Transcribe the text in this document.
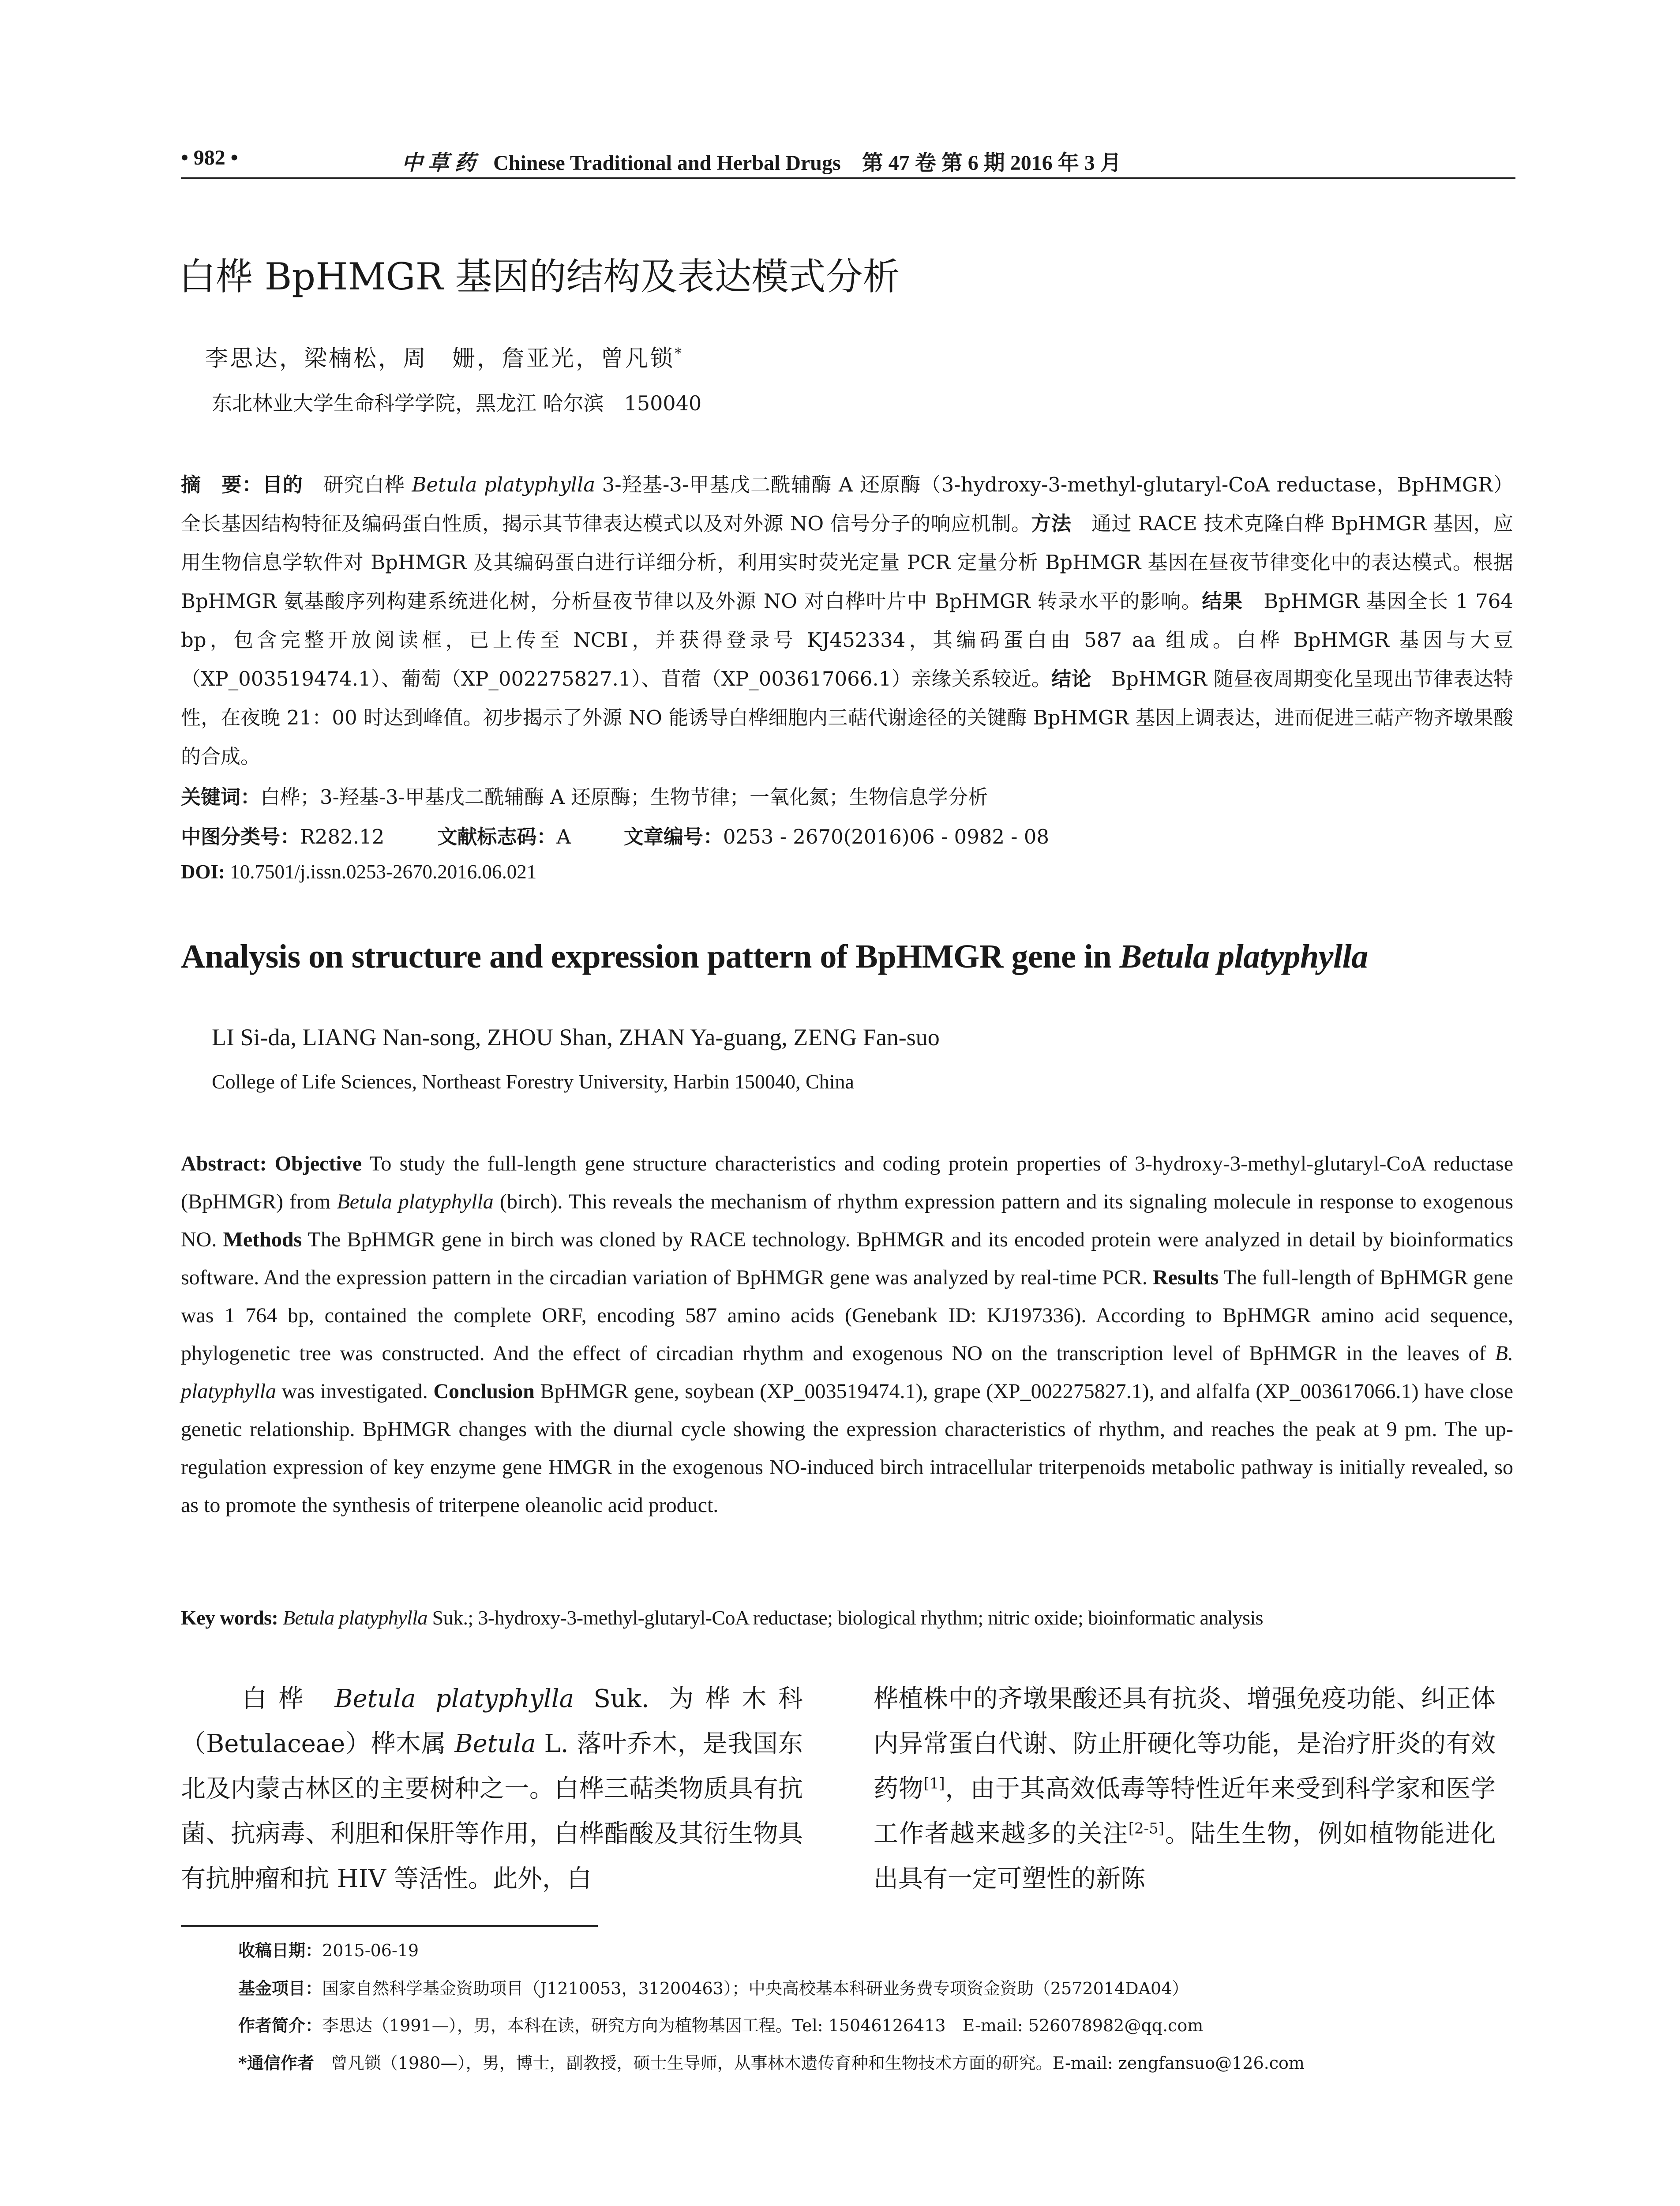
• 982 •	中 草 药 Chinese Traditional and Herbal Drugs　 第 47 卷 第 6 期 2016 年 3 月
白桦 BpHMGR 基因的结构及表达模式分析
李思达，梁楠松，周　姗，詹亚光，曾凡锁*
东北林业大学生命科学学院，黑龙江 哈尔滨　150040
摘　要：目的　研究白桦 Betula platyphylla 3-羟基-3-甲基戊二酰辅酶 A 还原酶（3-hydroxy-3-methyl-glutaryl-CoA reductase，BpHMGR）全长基因结构特征及编码蛋白性质，揭示其节律表达模式以及对外源 NO 信号分子的响应机制。方法　通过 RACE 技术克隆白桦 BpHMGR 基因，应用生物信息学软件对 BpHMGR 及其编码蛋白进行详细分析，利用实时荧光定量 PCR 定量分析 BpHMGR 基因在昼夜节律变化中的表达模式。根据 BpHMGR 氨基酸序列构建系统进化树，分析昼夜节律以及外源 NO 对白桦叶片中 BpHMGR 转录水平的影响。结果　BpHMGR 基因全长 1 764 bp，包含完整开放阅读框，已上传至 NCBI，并获得登录号 KJ452334，其编码蛋白由 587 aa 组成。白桦 BpHMGR 基因与大豆（XP_003519474.1）、葡萄（XP_002275827.1）、苜蓿（XP_003617066.1）亲缘关系较近。结论　BpHMGR 随昼夜周期变化呈现出节律表达特性，在夜晚 21：00 时达到峰值。初步揭示了外源 NO 能诱导白桦细胞内三萜代谢途径的关键酶 BpHMGR 基因上调表达，进而促进三萜产物齐墩果酸的合成。
关键词：白桦；3-羟基-3-甲基戊二酰辅酶 A 还原酶；生物节律；一氧化氮；生物信息学分析
中图分类号：R282.12	文献标志码：A	文章编号：0253 - 2670(2016)06 - 0982 - 08
DOI: 10.7501/j.issn.0253-2670.2016.06.021
Analysis on structure and expression pattern of BpHMGR gene in Betula platyphylla
LI Si-da, LIANG Nan-song, ZHOU Shan, ZHAN Ya-guang, ZENG Fan-suo
College of Life Sciences, Northeast Forestry University, Harbin 150040, China
Abstract: Objective To study the full-length gene structure characteristics and coding protein properties of 3-hydroxy-3-methyl-glutaryl-CoA reductase (BpHMGR) from Betula platyphylla (birch). This reveals the mechanism of rhythm expression pattern and its signaling molecule in response to exogenous NO. Methods The BpHMGR gene in birch was cloned by RACE technology. BpHMGR and its encoded protein were analyzed in detail by bioinformatics software. And the expression pattern in the circadian variation of BpHMGR gene was analyzed by real-time PCR. Results The full-length of BpHMGR gene was 1 764 bp, contained the complete ORF, encoding 587 amino acids (Genebank ID: KJ197336). According to BpHMGR amino acid sequence, phylogenetic tree was constructed. And the effect of circadian rhythm and exogenous NO on the transcription level of BpHMGR in the leaves of B. platyphylla was investigated. Conclusion BpHMGR gene, soybean (XP_003519474.1), grape (XP_002275827.1), and alfalfa (XP_003617066.1) have close genetic relationship. BpHMGR changes with the diurnal cycle showing the expression characteristics of rhythm, and reaches the peak at 9 pm. The up-regulation expression of key enzyme gene HMGR in the exogenous NO-induced birch intracellular triterpenoids metabolic pathway is initially revealed, so as to promote the synthesis of triterpene oleanolic acid product.
Key words: Betula platyphylla Suk.; 3-hydroxy-3-methyl-glutaryl-CoA reductase; biological rhythm; nitric oxide; bioinformatic analysis
白桦 Betula platyphylla Suk. 为桦木科（Betulaceae）桦木属 Betula L. 落叶乔木，是我国东北及内蒙古林区的主要树种之一。白桦三萜类物质具有抗菌、抗病毒、利胆和保肝等作用，白桦酯酸及其衍生物具有抗肿瘤和抗 HIV 等活性。此外，白
桦植株中的齐墩果酸还具有抗炎、增强免疫功能、纠正体内异常蛋白代谢、防止肝硬化等功能，是治疗肝炎的有效药物[1]，由于其高效低毒等特性近年来受到科学家和医学工作者越来越多的关注[2-5]。陆生生物，例如植物能进化出具有一定可塑性的新陈
收稿日期：2015-06-19
基金项目：国家自然科学基金资助项目（J1210053，31200463）；中央高校基本科研业务费专项资金资助（2572014DA04）
作者简介：李思达（1991—），男，本科在读，研究方向为植物基因工程。Tel: 15046126413　E-mail: 526078982@qq.com
*通信作者　曾凡锁（1980—），男，博士，副教授，硕士生导师，从事林木遗传育种和生物技术方面的研究。E-mail: zengfansuo@126.com
